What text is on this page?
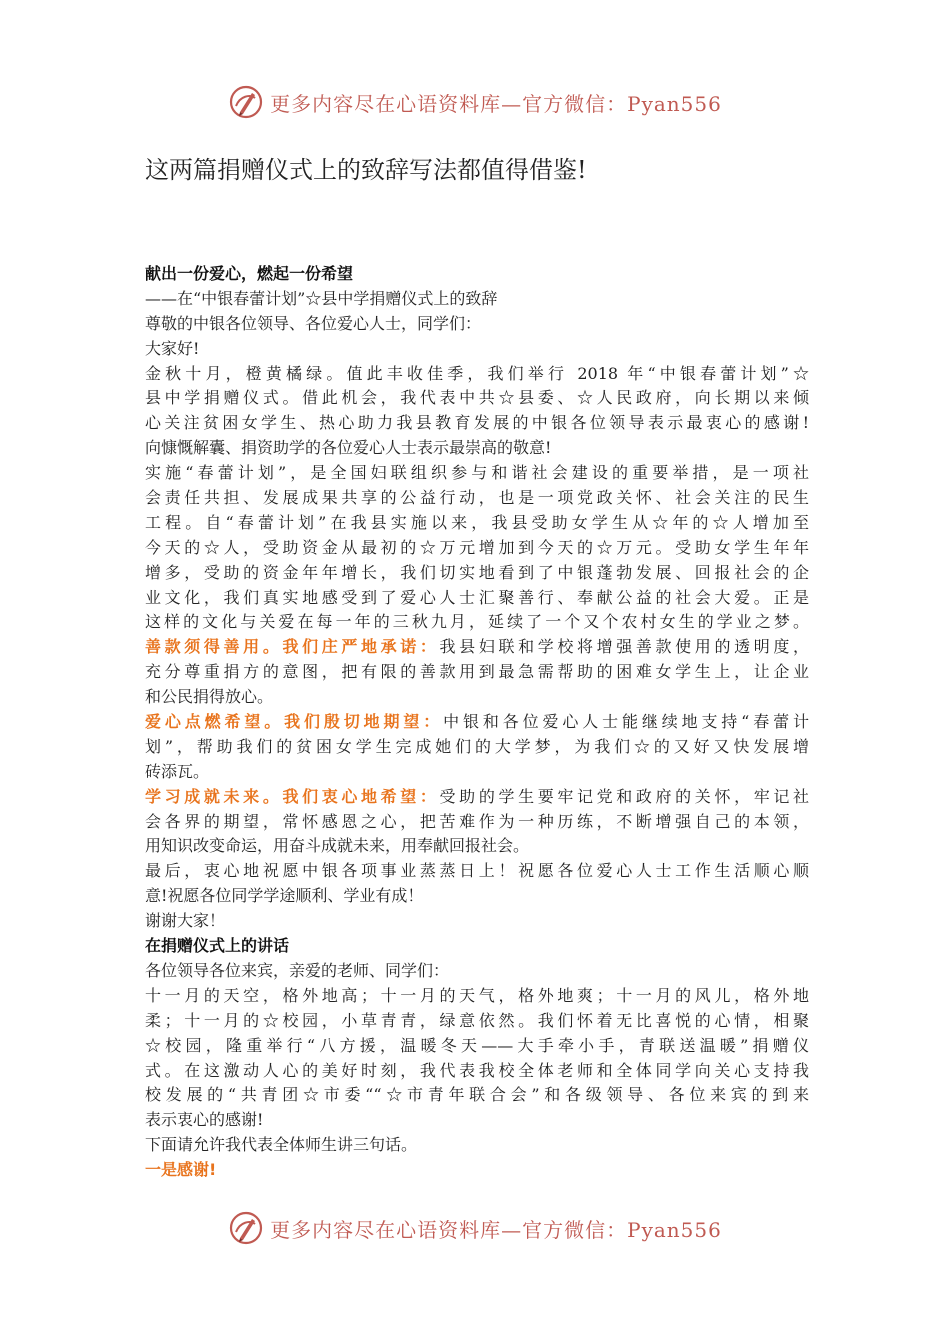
更多内容尽在心语资料库—官方微信：Pyan556
这两篇捐赠仪式上的致辞写法都值得借鉴!
献出一份爱心，燃起一份希望
——在“中银春蕾计划”☆县中学捐赠仪式上的致辞
尊敬的中银各位领导、各位爱心人士，同学们：
大家好!
金秋十月，橙黄橘绿。值此丰收佳季，我们举行 2018 年“中银春蕾计划”☆
县中学捐赠仪式。借此机会，我代表中共☆县委、☆人民政府，向长期以来倾
心关注贫困女学生、热心助力我县教育发展的中银各位领导表示最衷心的感谢!
向慷慨解囊、捐资助学的各位爱心人士表示最崇高的敬意!
实施“春蕾计划”，是全国妇联组织参与和谐社会建设的重要举措，是一项社
会责任共担、发展成果共享的公益行动，也是一项党政关怀、社会关注的民生
工程。自“春蕾计划”在我县实施以来，我县受助女学生从☆年的☆人增加至
今天的☆人，受助资金从最初的☆万元增加到今天的☆万元。受助女学生年年
增多，受助的资金年年增长，我们切实地看到了中银蓬勃发展、回报社会的企
业文化，我们真实地感受到了爱心人士汇聚善行、奉献公益的社会大爱。正是
这样的文化与关爱在每一年的三秋九月，延续了一个又个农村女生的学业之梦。
善款须得善用。我们庄严地承诺：我县妇联和学校将增强善款使用的透明度，
充分尊重捐方的意图，把有限的善款用到最急需帮助的困难女学生上，让企业
和公民捐得放心。
爱心点燃希望。我们殷切地期望：中银和各位爱心人士能继续地支持“春蕾计
划”，帮助我们的贫困女学生完成她们的大学梦，为我们☆的又好又快发展增
砖添瓦。
学习成就未来。我们衷心地希望：受助的学生要牢记党和政府的关怀，牢记社
会各界的期望，常怀感恩之心，把苦难作为一种历练，不断增强自己的本领，
用知识改变命运，用奋斗成就未来，用奉献回报社会。
最后，衷心地祝愿中银各项事业蒸蒸日上！祝愿各位爱心人士工作生活顺心顺
意!祝愿各位同学学途顺利、学业有成！
谢谢大家！
在捐赠仪式上的讲话
各位领导各位来宾，亲爱的老师、同学们：
十一月的天空，格外地高；十一月的天气，格外地爽；十一月的风儿，格外地
柔；十一月的☆校园，小草青青，绿意依然。我们怀着无比喜悦的心情，相聚
☆校园，隆重举行“八方援，温暖冬天——大手牵小手，青联送温暖”捐赠仪
式。在这激动人心的美好时刻，我代表我校全体老师和全体同学向关心支持我
校发展的“共青团☆市委““☆市青年联合会”和各级领导、各位来宾的到来
表示衷心的感谢!
下面请允许我代表全体师生讲三句话。
一是感谢!
更多内容尽在心语资料库—官方微信：Pyan556
